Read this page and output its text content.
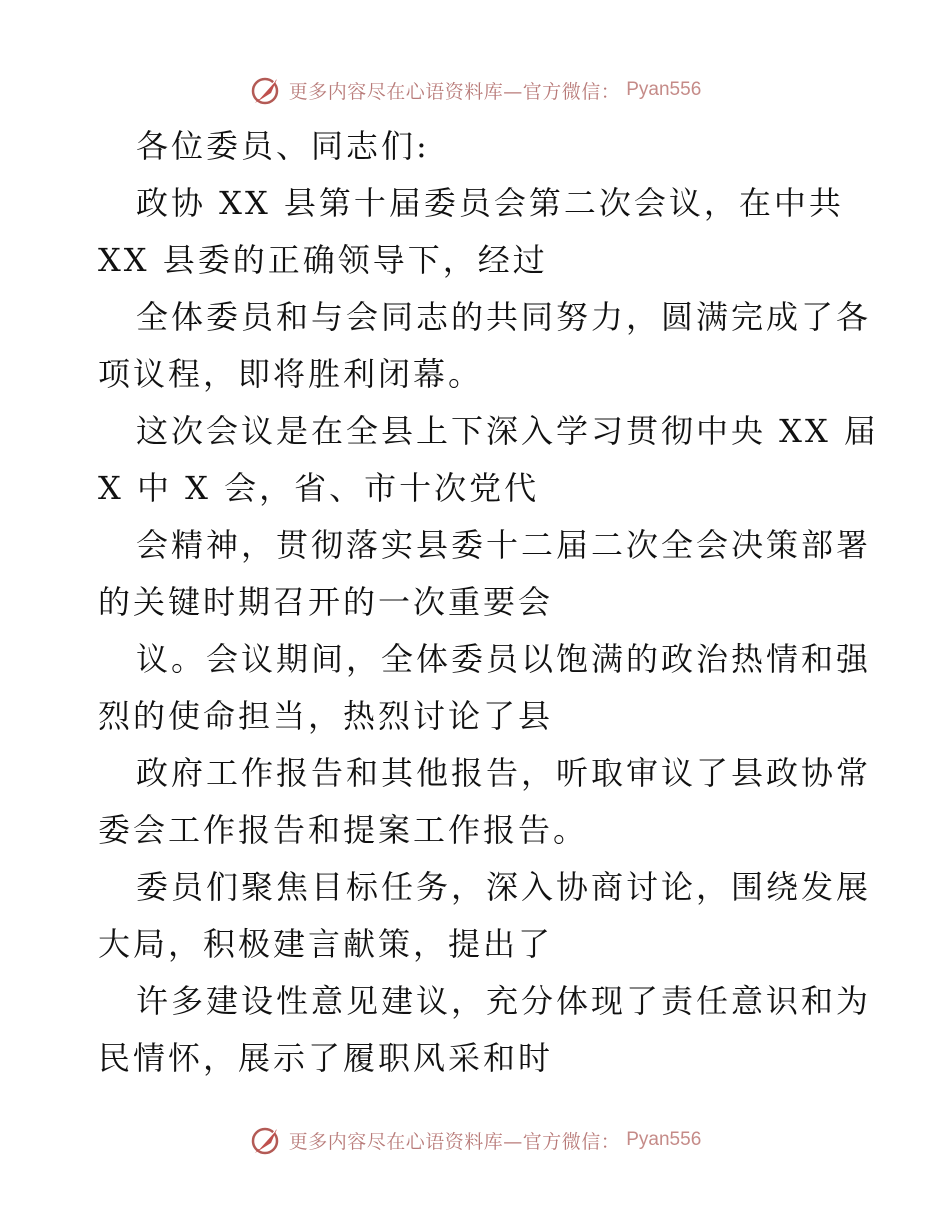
更多内容尽在心语资料库—官方微信： Pyan556
各位委员、同志们:
政协 XX 县第十届委员会第二次会议，在中共
XX 县委的正确领导下，经过
全体委员和与会同志的共同努力，圆满完成了各
项议程，即将胜利闭幕。
这次会议是在全县上下深入学习贯彻中央 XX 届
X 中 X 会，省、市十次党代
会精神，贯彻落实县委十二届二次全会决策部署
的关键时期召开的一次重要会
议。会议期间，全体委员以饱满的政治热情和强
烈的使命担当，热烈讨论了县
政府工作报告和其他报告，听取审议了县政协常
委会工作报告和提案工作报告。
委员们聚焦目标任务，深入协商讨论，围绕发展
大局，积极建言献策，提出了
许多建设性意见建议，充分体现了责任意识和为
民情怀，展示了履职风采和时
更多内容尽在心语资料库—官方微信： Pyan556
